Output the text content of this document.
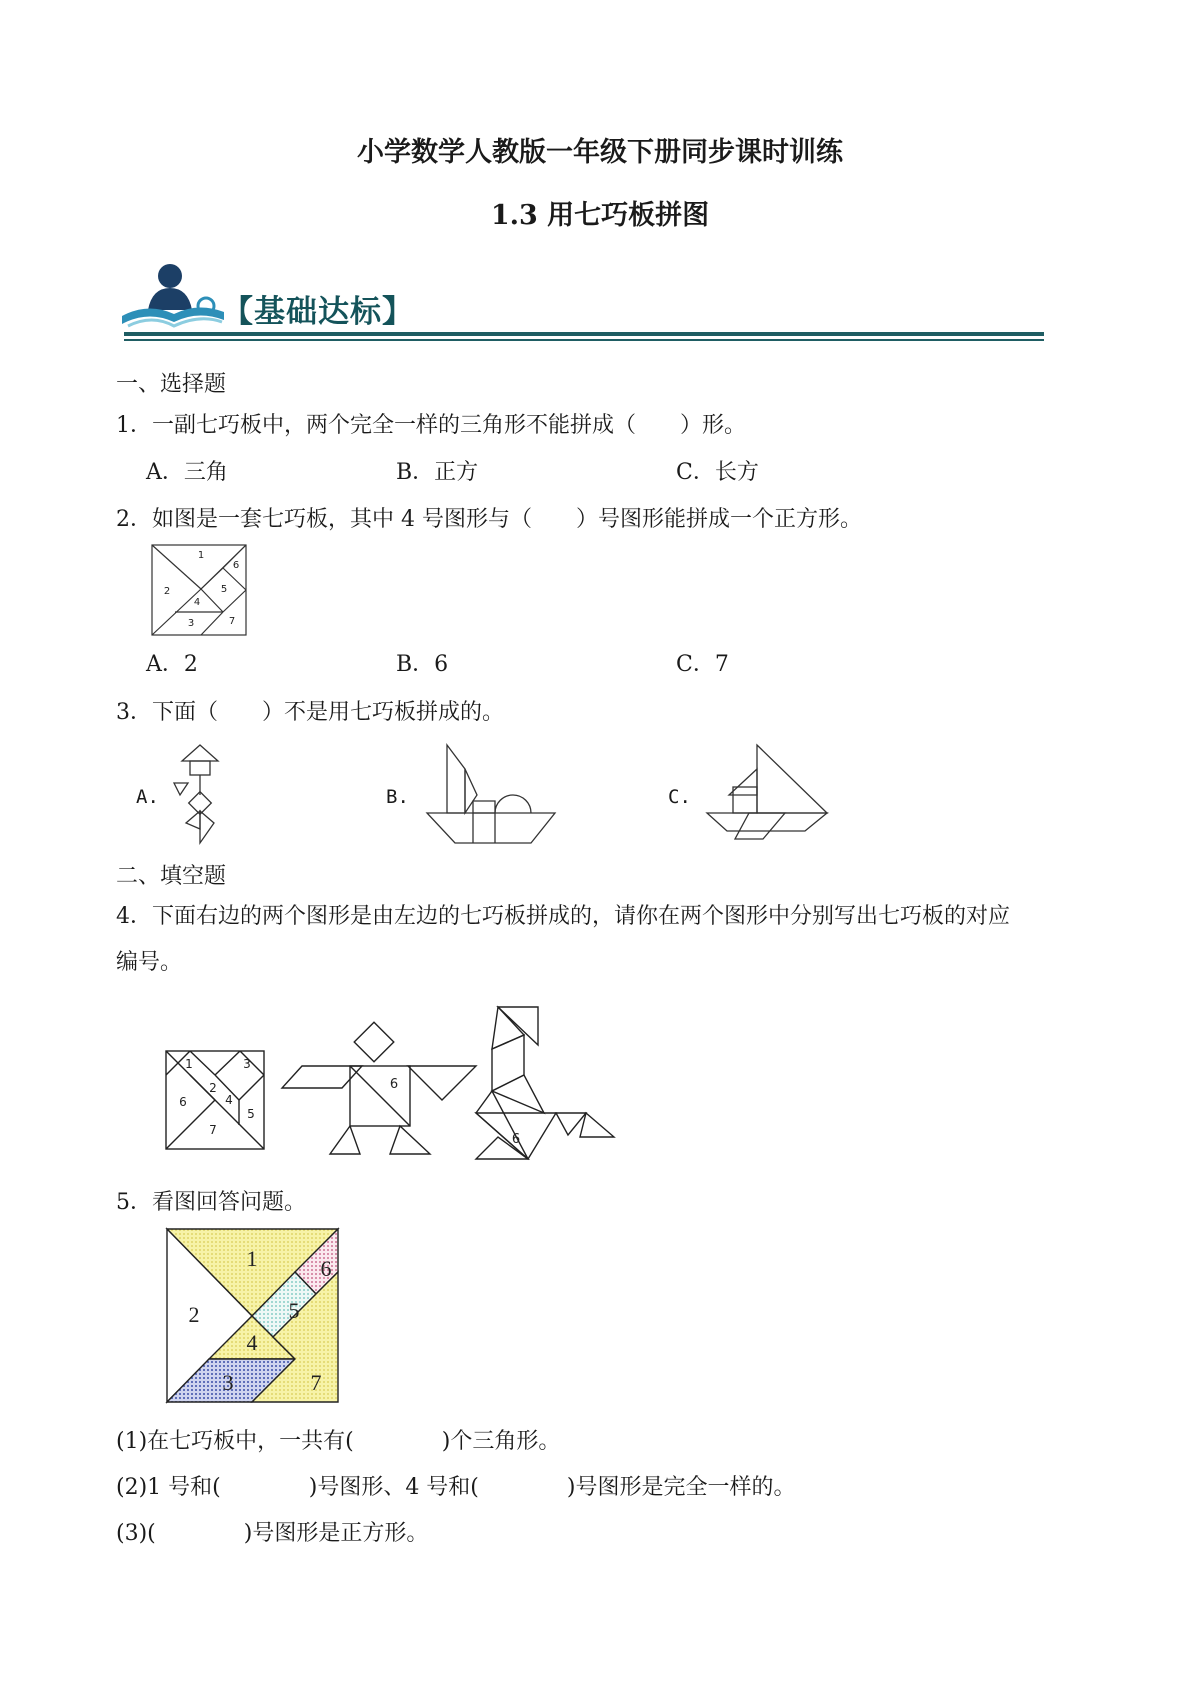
小学数学人教版一年级下册同步课时训练
1.3 用七巧板拼图
【基础达标】
一、选择题
1．一副七巧板中，两个完全一样的三角形不能拼成（　　）形。
A．三角	B．正方	C．长方
2．如图是一套七巧板，其中 4 号图形与（　　）号图形能拼成一个正方形。
1
2
3
4
5
6
7
A．2	B．6	C．7
3．下面（　　）不是用七巧板拼成的。
A.	B.	C.
二、填空题
4．下面右边的两个图形是由左边的七巧板拼成的，请你在两个图形中分别写出七巧板的对应
编号。
1
2
3
4
5
6
7
6
6
5．看图回答问题。
1
2
3
4
5
6
7
(1)在七巧板中，一共有(　　　　)个三角形。
(2)1 号和(　　　　)号图形、4 号和(　　　　)号图形是完全一样的。
(3)(　　　　)号图形是正方形。
